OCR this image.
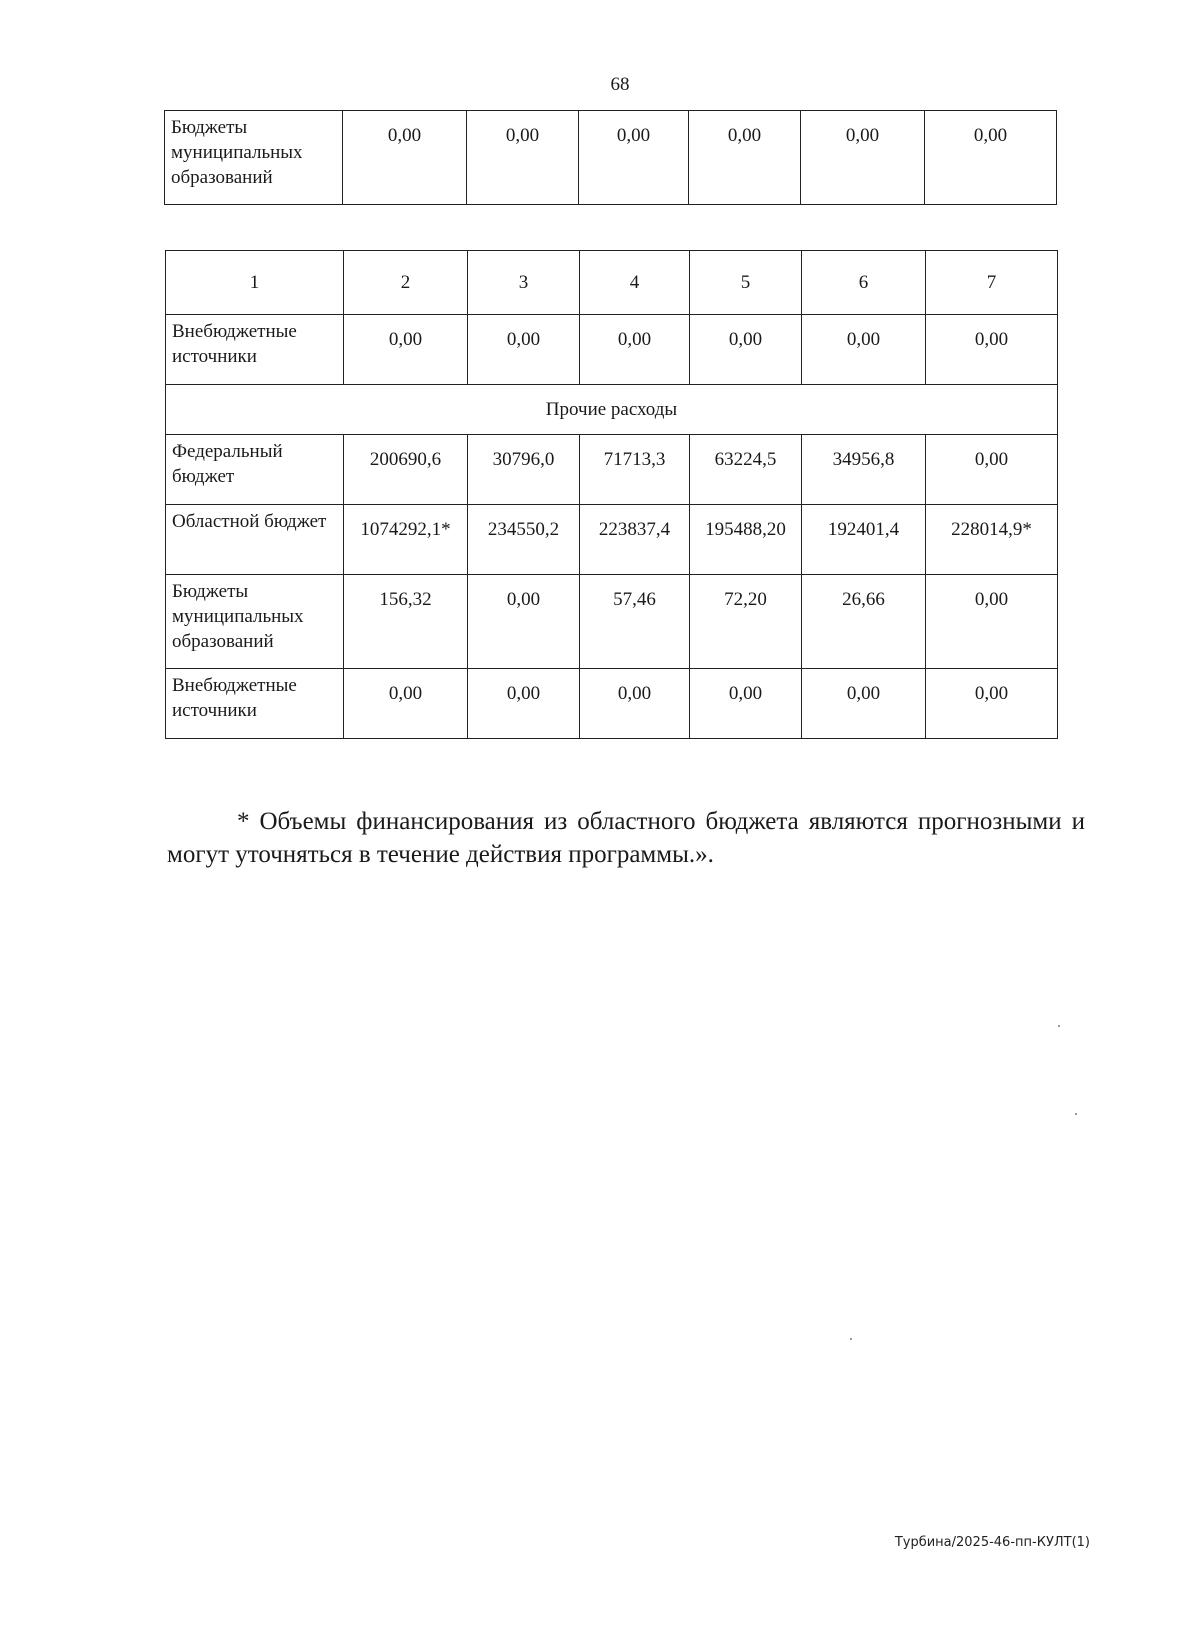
68
Бюджеты муниципальных образований	0,00	0,00	0,00	0,00	0,00	0,00
1	2	3	4	5	6	7
Внебюджетные источники	0,00	0,00	0,00	0,00	0,00	0,00
Прочие расходы						
Федеральный бюджет	200690,6	30796,0	71713,3	63224,5	34956,8	0,00
Областной бюджет	1074292,1*	234550,2	223837,4	195488,20	192401,4	228014,9*
Бюджеты муниципальных образований	156,32	0,00	57,46	72,20	26,66	0,00
Внебюджетные источники	0,00	0,00	0,00	0,00	0,00	0,00

* Объемы финансирования из областного бюджета являются прогнозными и могут уточняться в течение действия программы.».

Турбина/2025-46-пп-КУЛТ(1)
